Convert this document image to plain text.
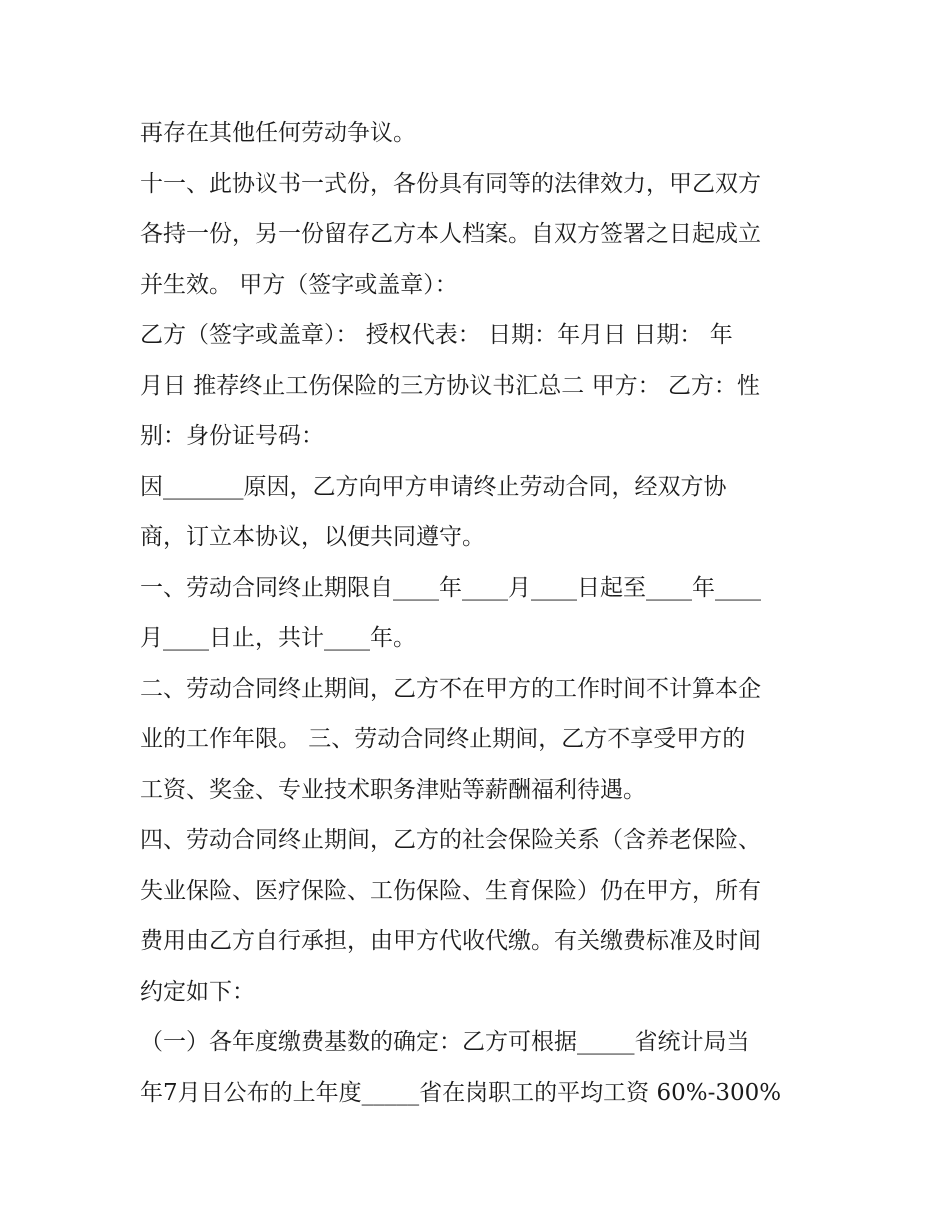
再存在其他任何劳动争议。
十一、此协议书一式份，各份具有同等的法律效力，甲乙双方
各持一份，另一份留存乙方本人档案。自双方签署之日起成立
并生效。 甲方（签字或盖章）：
乙方（签字或盖章）： 授权代表： 日期：年月日 日期： 年
月日 推荐终止工伤保险的三方协议书汇总二 甲方： 乙方：性
别：身份证号码：
因_______原因，乙方向甲方申请终止劳动合同，经双方协
商，订立本协议，以便共同遵守。
一、劳动合同终止期限自____年____月____日起至____年____
月____日止，共计____年。
二、劳动合同终止期间，乙方不在甲方的工作时间不计算本企
业的工作年限。 三、劳动合同终止期间，乙方不享受甲方的
工资、奖金、专业技术职务津贴等薪酬福利待遇。
四、劳动合同终止期间，乙方的社会保险关系（含养老保险、
失业保险、医疗保险、工伤保险、生育保险）仍在甲方，所有
费用由乙方自行承担，由甲方代收代缴。有关缴费标准及时间
约定如下：
（一）各年度缴费基数的确定：乙方可根据_____省统计局当
年7月日公布的上年度_____省在岗职工的平均工资 60%-300%
